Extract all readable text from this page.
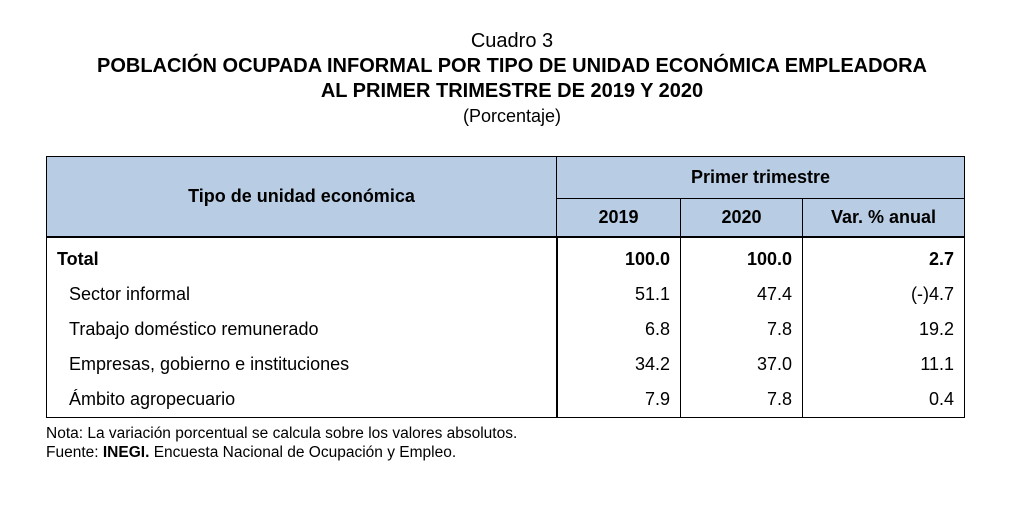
Cuadro 3
POBLACIÓN OCUPADA INFORMAL POR TIPO DE UNIDAD ECONÓMICA EMPLEADORA
AL PRIMER TRIMESTRE DE 2019 Y 2020
(Porcentaje)
Tipo de unidad económica	Primer trimestre		
	2019	2020	Var. % anual
Total	100.0	100.0	2.7
Sector informal	51.1	47.4	(-)4.7
Trabajo doméstico remunerado	6.8	7.8	19.2
Empresas, gobierno e instituciones	34.2	37.0	11.1
Ámbito agropecuario	7.9	7.8	0.4
Nota: La variación porcentual se calcula sobre los valores absolutos.
Fuente: INEGI. Encuesta Nacional de Ocupación y Empleo.
